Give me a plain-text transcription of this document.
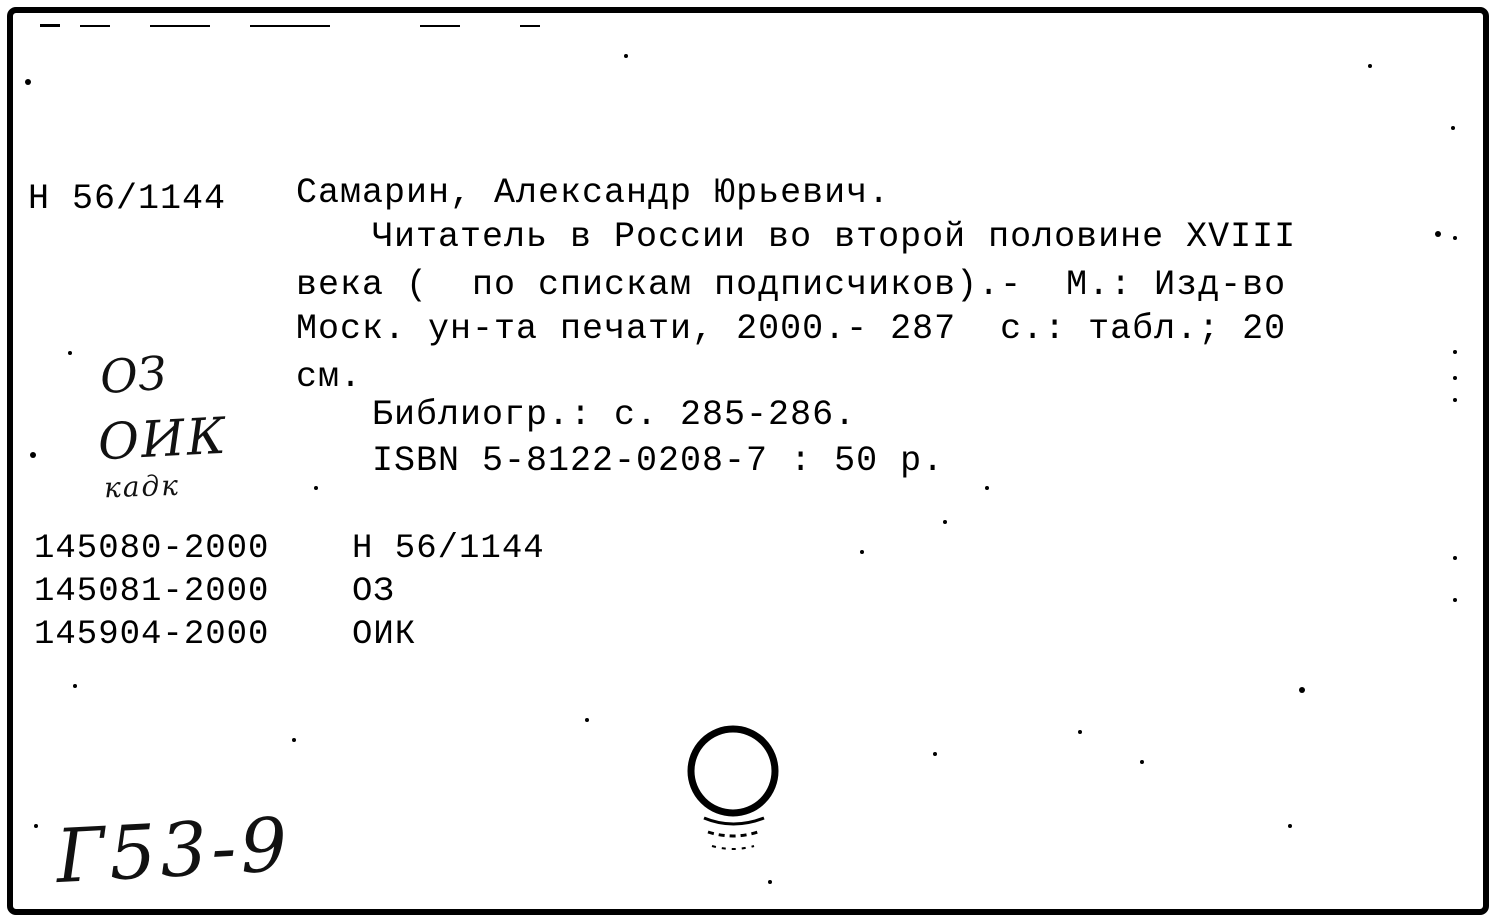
Н 56/1144 Самарин, Александр Юрьевич.
Читатель в России во второй половине XVIII
века (  по спискам подписчиков).-  М.: Изд-во
Моск. ун-та печати, 2000.- 287  с.: табл.; 20
см.
Библиогр.: с. 285-286.
ISBN 5-8122-0208-7 : 50 р.
ОЗ
ОИК
кадк
145080-2000	Н 56/1144
145081-2000	ОЗ
145904-2000	ОИК
Г53-9
